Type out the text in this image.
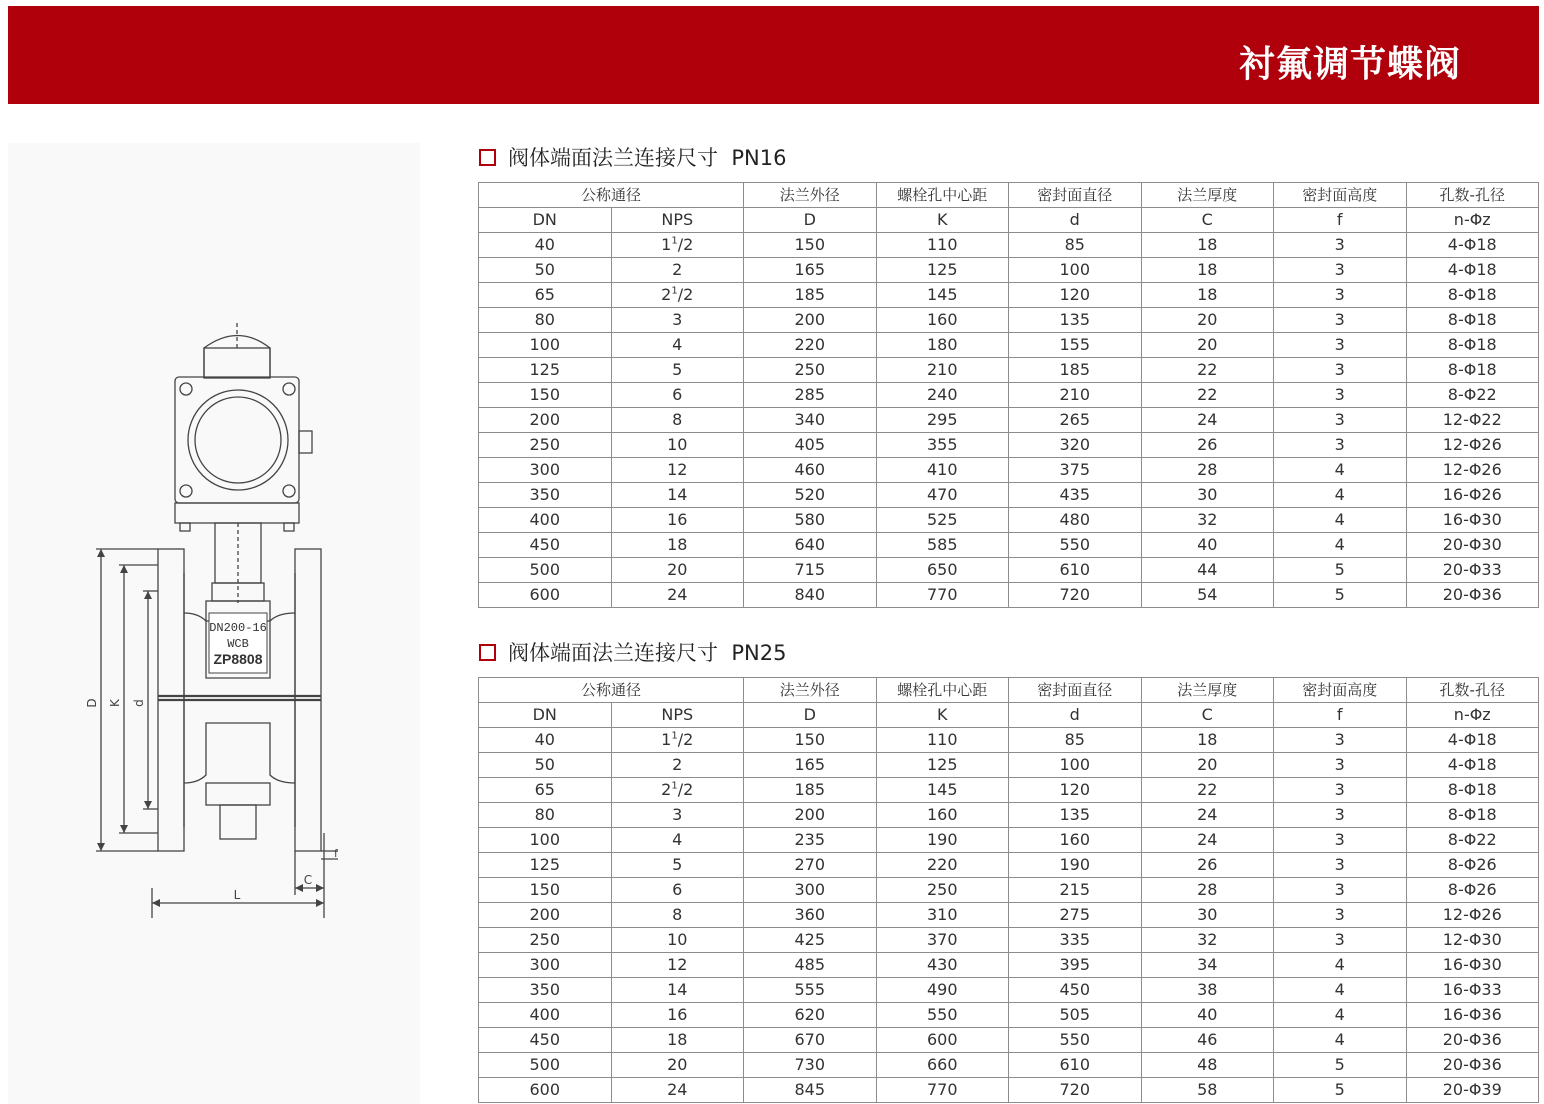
衬氟调节蝶阀
DN200-16
WCB
ZP8808
D K d
L
C
f
阀体端面法兰连接尺寸  PN16
公称通径		法兰外径	螺栓孔中心距	密封面直径	法兰厚度	密封面高度	孔数-孔径
DN	NPS	D	K	d	C	f	n-Φz
40	$1^1/2$	150	110	85	18	3	4-Φ18
50	2	165	125	100	18	3	4-Φ18
65	$2^1/2$	185	145	120	18	3	8-Φ18
80	3	200	160	135	20	3	8-Φ18
100	4	220	180	155	20	3	8-Φ18
125	5	250	210	185	22	3	8-Φ18
150	6	285	240	210	22	3	8-Φ22
200	8	340	295	265	24	3	12-Φ22
250	10	405	355	320	26	3	12-Φ26
300	12	460	410	375	28	4	12-Φ26
350	14	520	470	435	30	4	16-Φ26
400	16	580	525	480	32	4	16-Φ30
450	18	640	585	550	40	4	20-Φ30
500	20	715	650	610	44	5	20-Φ33
600	24	840	770	720	54	5	20-Φ36
阀体端面法兰连接尺寸  PN25
公称通径		法兰外径	螺栓孔中心距	密封面直径	法兰厚度	密封面高度	孔数-孔径
DN	NPS	D	K	d	C	f	n-Φz
40	$1^1/2$	150	110	85	18	3	4-Φ18
50	2	165	125	100	20	3	4-Φ18
65	$2^1/2$	185	145	120	22	3	8-Φ18
80	3	200	160	135	24	3	8-Φ18
100	4	235	190	160	24	3	8-Φ22
125	5	270	220	190	26	3	8-Φ26
150	6	300	250	215	28	3	8-Φ26
200	8	360	310	275	30	3	12-Φ26
250	10	425	370	335	32	3	12-Φ30
300	12	485	430	395	34	4	16-Φ30
350	14	555	490	450	38	4	16-Φ33
400	16	620	550	505	40	4	16-Φ36
450	18	670	600	550	46	4	20-Φ36
500	20	730	660	610	48	5	20-Φ36
600	24	845	770	720	58	5	20-Φ39
